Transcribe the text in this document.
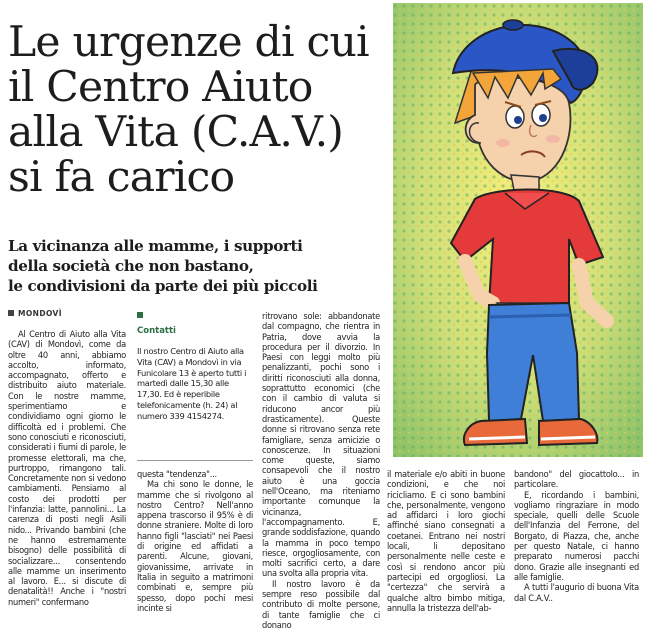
Le urgenze di cui
il Centro Aiuto
alla Vita (C.A.V.)
si fa carico
La vicinanza alle mamme, i supporti
della società che non bastano,
le condivisioni da parte dei più piccoli
MONDOVÌ

Al Centro di Aiuto alla Vita (CAV) di Mondovì, come da oltre 40 anni, abbiamo accolto, informato, accompagnato, offerto e distribuito aiuto materiale. Con le nostre mamme, sperimentiamo e condividiamo ogni giorno le difficoltà ed i problemi. Che sono conosciuti e riconosciuti, considerati i fiumi di parole, le promesse elettorali, ma che, purtroppo, rimangono tali. Concretamente non si vedono cambiamenti. Pensiamo al costo dei prodotti per l'infanzia: latte, pannolini... La carenza di posti negli Asili nido... Privando bambini (che ne hanno estremamente bisogno) delle possibilità di socializzare... consentendo alle mamme un inserimento al lavoro. E... si discute di denatalità!! Anche i "nostri numeri" confermano

Contatti
Il nostro Centro di Aiuto alla Vita (CAV) a Mondovì in via Funicolare 13 è aperto tutti i martedì dalle 15,30 alle 17,30. Ed è reperibile telefonicamente (h. 24) al numero 339 4154274.

questa "tendenza"...

Ma chi sono le donne, le mamme che si rivolgono al nostro Centro? Nell'anno appena trascorso il 95% è di donne straniere. Molte di loro hanno figli "lasciati" nei Paesi di origine ed affidati a parenti. Alcune, giovani, giovanissime, arrivate in Italia in seguito a matrimoni combinati e, sempre più spesso, dopo pochi mesi incinte si

ritrovano sole: abbandonate dal compagno, che rientra in Patria, dove avvia la procedura per il divorzio. In Paesi con leggi molto più penalizzanti, pochi sono i diritti riconosciuti alla donna, soprattutto economici (che con il cambio di valuta si riducono ancor più drasticamente). Queste donne si ritrovano senza rete famigliare, senza amicizie o conoscenze. In situazioni come queste, siamo consapevoli che il nostro aiuto è una goccia nell'Oceano, ma riteniamo importante comunque la vicinanza, l'accompagnamento. E, grande soddisfazione, quando la mamma in poco tempo riesce, orgogliosamente, con molti sacrifici certo, a dare una svolta alla propria vita.

Il nostro lavoro è da sempre reso possibile dal contributo di molte persone, di tante famiglie che ci donano

il materiale e/o abiti in buone condizioni, e che noi ricicliamo. E ci sono bambini che, personalmente, vengono ad affidarci i loro giochi affinché siano consegnati a coetanei. Entrano nei nostri locali, li depositano personalmente nelle ceste e così si rendono ancor più partecipi ed orgogliosi. La "certezza" che servirà a qualche altro bimbo mitiga, annulla la tristezza dell'ab-

bandono" del giocattolo... in particolare.

E, ricordando i bambini, vogliamo ringraziare in modo speciale, quelli delle Scuole dell'Infanzia del Ferrone, del Borgato, di Piazza, che, anche per questo Natale, ci hanno preparato numerosi pacchi dono. Grazie alle insegnanti ed alle famiglie.

A tutti l'augurio di buona Vita dal C.A.V..
